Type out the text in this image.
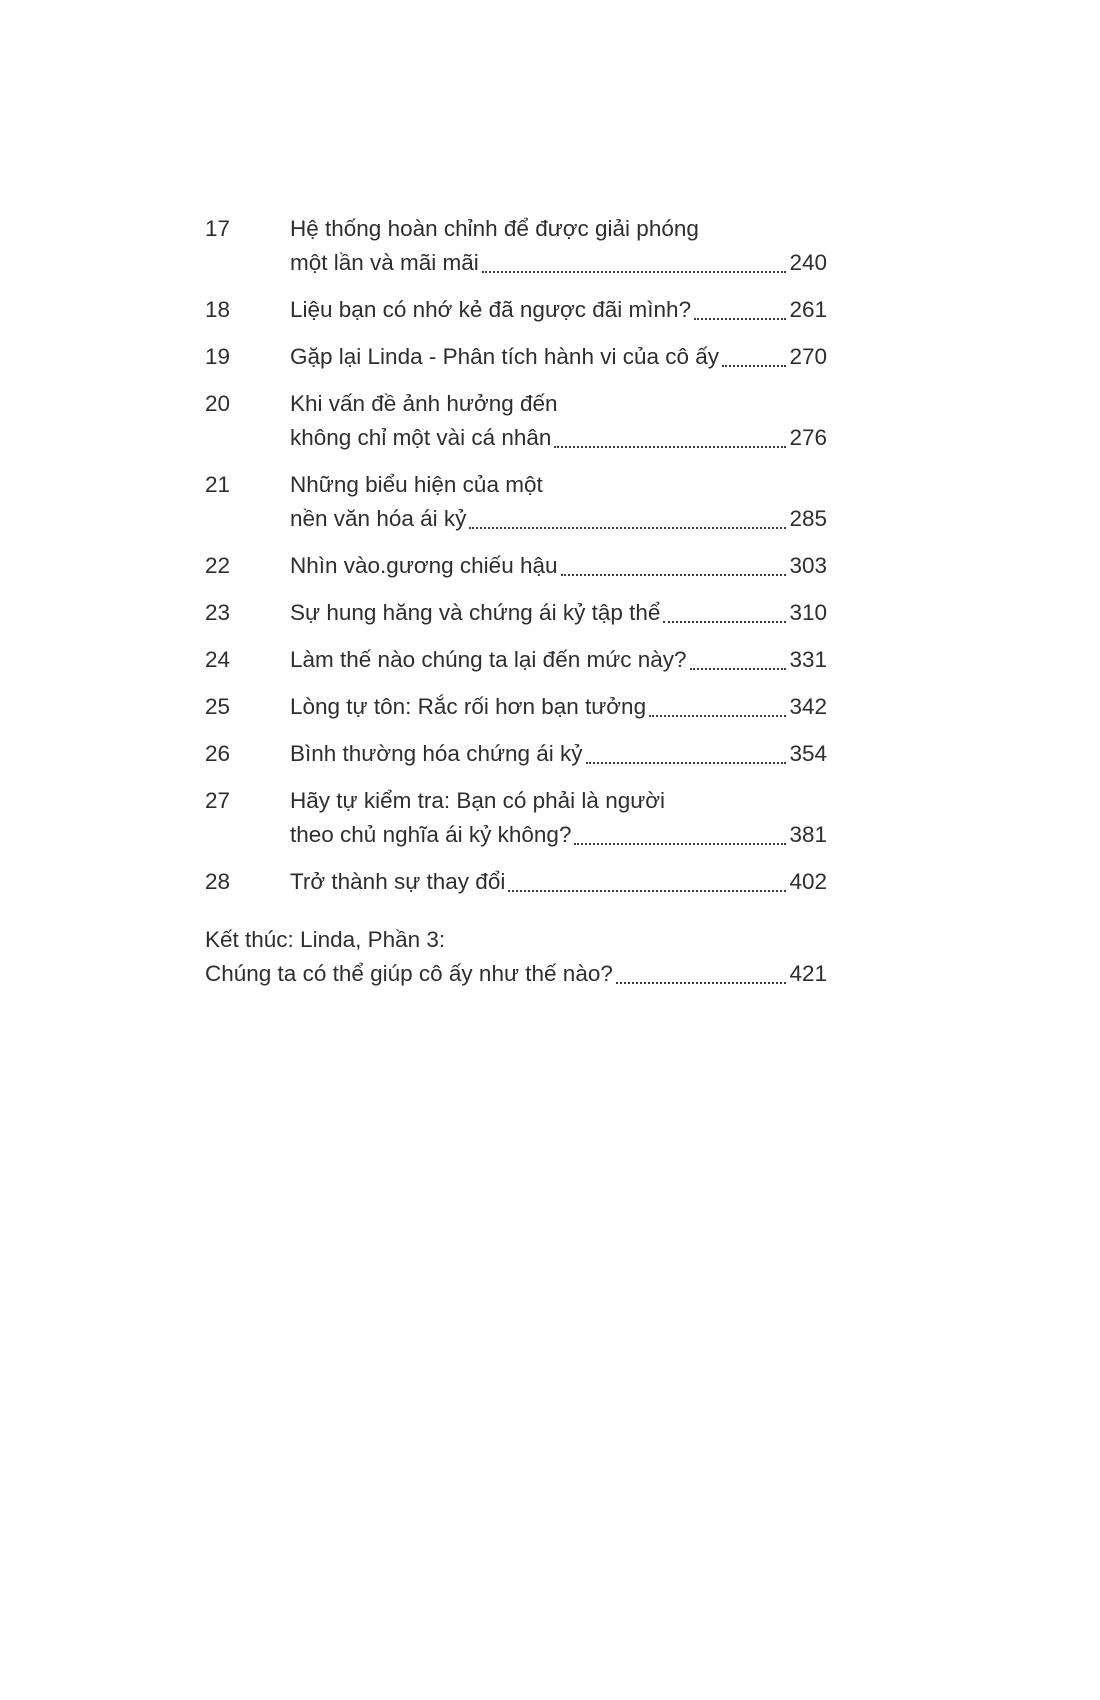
17	Hệ thống hoàn chỉnh để được giải phóng
một lần và mãi mãi	240
18	Liệu bạn có nhớ kẻ đã ngược đãi mình?	261
19	Gặp lại Linda - Phân tích hành vi của cô ấy	270
20	Khi vấn đề ảnh hưởng đến
không chỉ một vài cá nhân	276
21	Những biểu hiện của một
nền văn hóa ái kỷ	285
22	Nhìn vào.gương chiếu hậu	303
23	Sự hung hăng và chứng ái kỷ tập thể	310
24	Làm thế nào chúng ta lại đến mức này?	331
25	Lòng tự tôn: Rắc rối hơn bạn tưởng	342
26	Bình thường hóa chứng ái kỷ	354
27	Hãy tự kiểm tra: Bạn có phải là người
theo chủ nghĩa ái kỷ không?	381
28	Trở thành sự thay đổi	402
Kết thúc: Linda, Phần 3:
Chúng ta có thể giúp cô ấy như thế nào?	421
